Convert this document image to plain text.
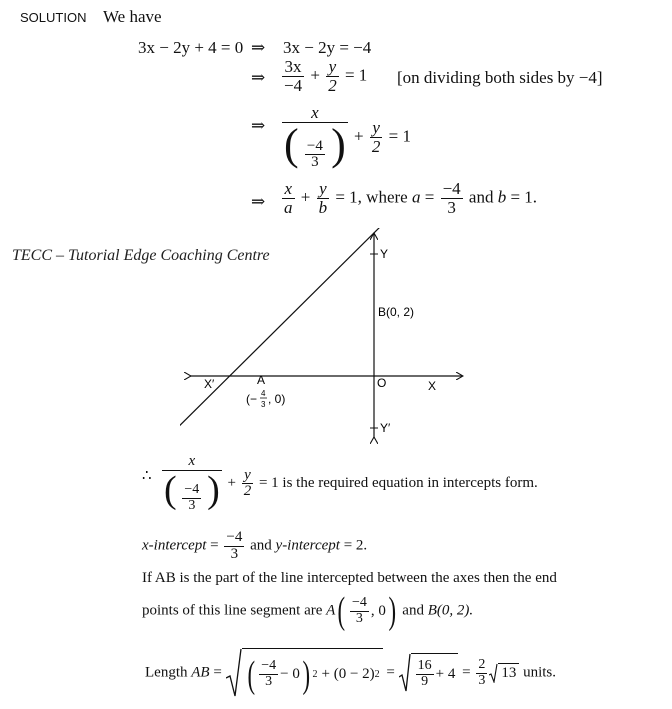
SOLUTION We have
3x − 2y + 4 = 0 ⇒ 3x − 2y = −4
⇒ $\frac{3x}{-4} + \frac{y}{2} = 1$ [on dividing both sides by −4]
⇒ $\frac{x}{( \frac{-4}{3} )} + \frac{y}{2} = 1$
⇒ $\frac{x}{a} + \frac{y}{b} = 1$, where $a = \frac{-4}{3}$ and b = 1.
TECC – Tutorial Edge Coaching Centre	Y
Y′
X
X′	O
B(0, 2)
A
(− 4
3 , 0)
∴ $\frac{x}{( \frac{-4}{3} )} + \frac{y}{2} = 1$ is the required equation in intercepts form.
x-intercept = $\frac{-4}{3}$ and y-intercept = 2.
If AB is the part of the line intercepted between the axes then the end
points of this line segment are A ( $\frac{-4}{3}$ , 0 ) and B(0, 2).
Length AB = ( $\frac{-4}{3} - 0$ ) 2 + (0 − 2) $2 = \frac{16}{9} + 4 = \frac{2}{3} 13$ units.
